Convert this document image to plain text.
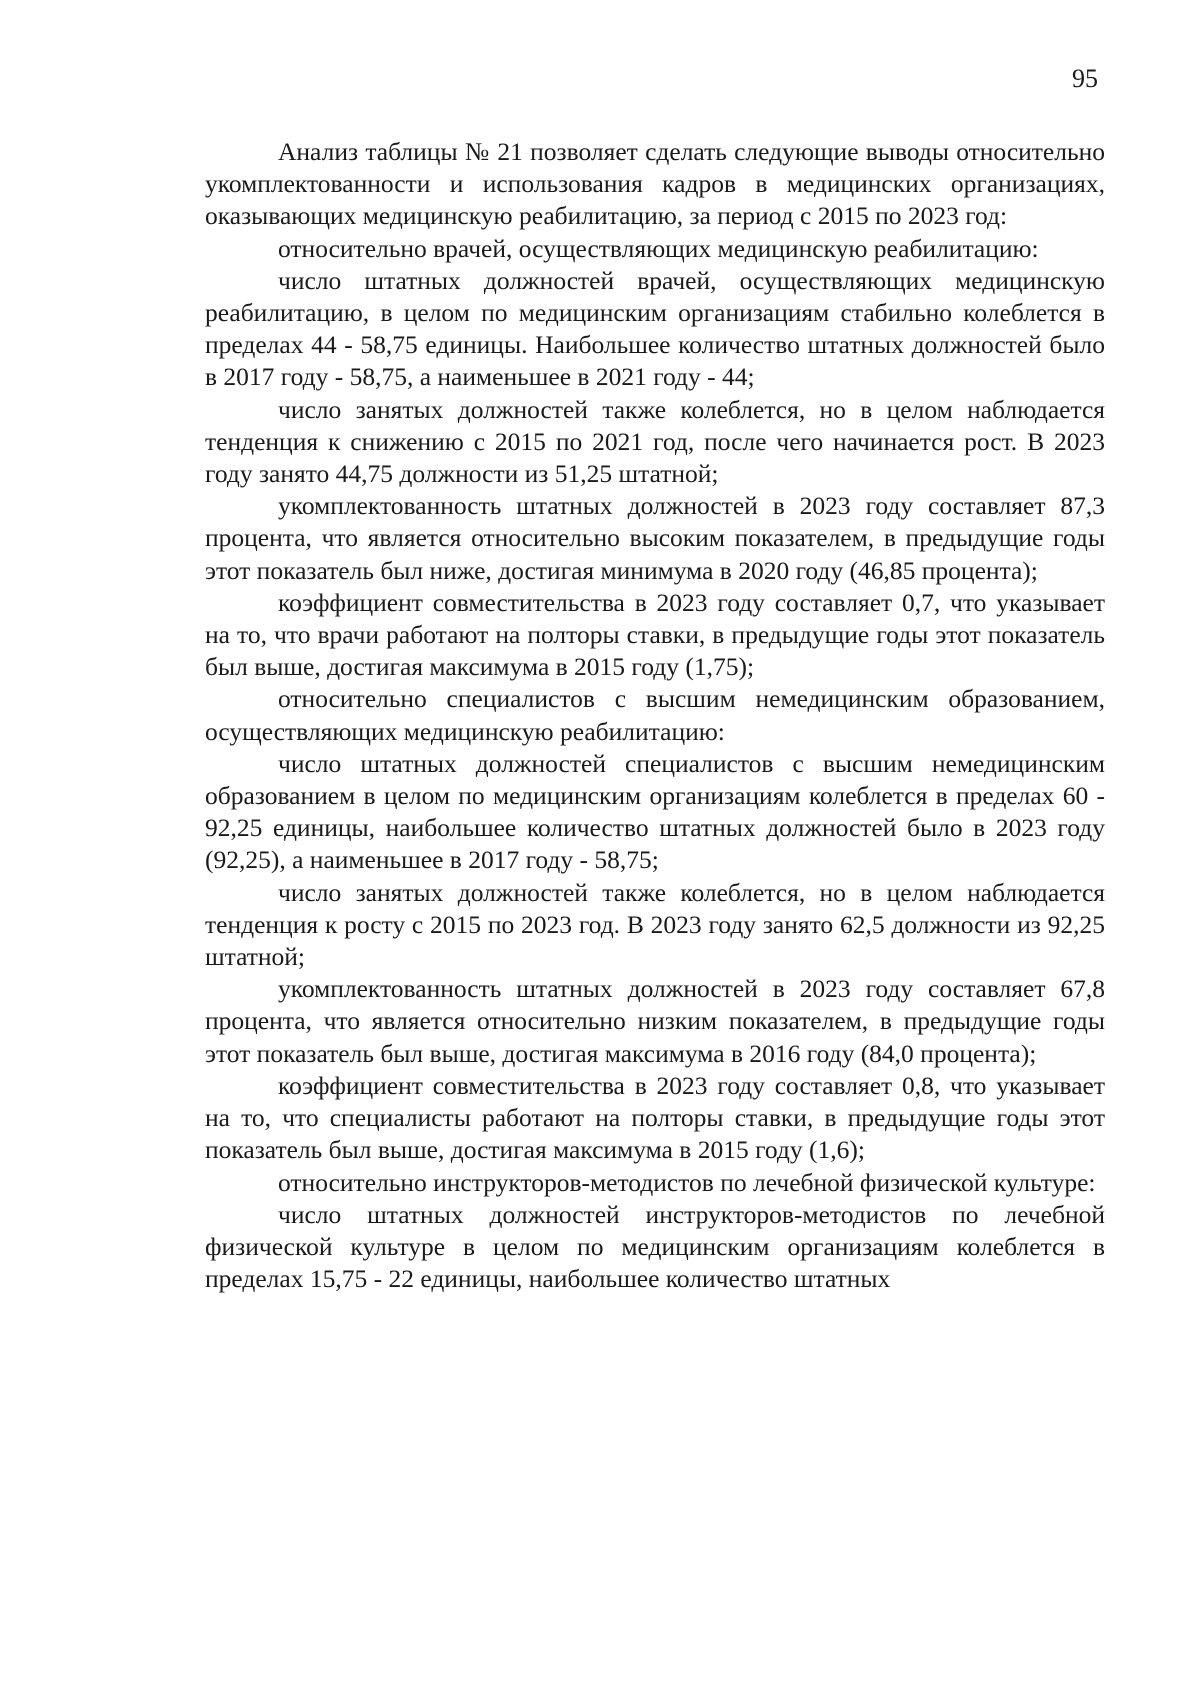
95

Анализ таблицы № 21 позволяет сделать следующие выводы относительно укомплектованности и использования кадров в медицинских организациях, оказывающих медицинскую реабилитацию, за период с 2015 по 2023 год:

относительно врачей, осуществляющих медицинскую реабилитацию:

число штатных должностей врачей, осуществляющих медицинскую реабилитацию, в целом по медицинским организациям стабильно колеблется в пределах 44 - 58,75 единицы. Наибольшее количество штатных должностей было в 2017 году - 58,75, а наименьшее в 2021 году - 44;

число занятых должностей также колеблется, но в целом наблюдается тенденция к снижению с 2015 по 2021 год, после чего начинается рост. В 2023 году занято 44,75 должности из 51,25 штатной;

укомплектованность штатных должностей в 2023 году составляет 87,3 процента, что является относительно высоким показателем, в предыдущие годы этот показатель был ниже, достигая минимума в 2020 году (46,85 процента);

коэффициент совместительства в 2023 году составляет 0,7, что указывает на то, что врачи работают на полторы ставки, в предыдущие годы этот показатель был выше, достигая максимума в 2015 году (1,75);

относительно специалистов с высшим немедицинским образованием, осуществляющих медицинскую реабилитацию:

число штатных должностей специалистов с высшим немедицинским образованием в целом по медицинским организациям колеблется в пределах 60 - 92,25 единицы, наибольшее количество штатных должностей было в 2023 году (92,25), а наименьшее в 2017 году - 58,75;

число занятых должностей также колеблется, но в целом наблюдается тенденция к росту с 2015 по 2023 год. В 2023 году занято 62,5 должности из 92,25 штатной;

укомплектованность штатных должностей в 2023 году составляет 67,8 процента, что является относительно низким показателем, в предыдущие годы этот показатель был выше, достигая максимума в 2016 году (84,0 процента);

коэффициент совместительства в 2023 году составляет 0,8, что указывает на то, что специалисты работают на полторы ставки, в предыдущие годы этот показатель был выше, достигая максимума в 2015 году (1,6);

относительно инструкторов-методистов по лечебной физической культуре:

число штатных должностей инструкторов-методистов по лечебной физической культуре в целом по медицинским организациям колеблется в пределах 15,75 - 22 единицы, наибольшее количество штатных
